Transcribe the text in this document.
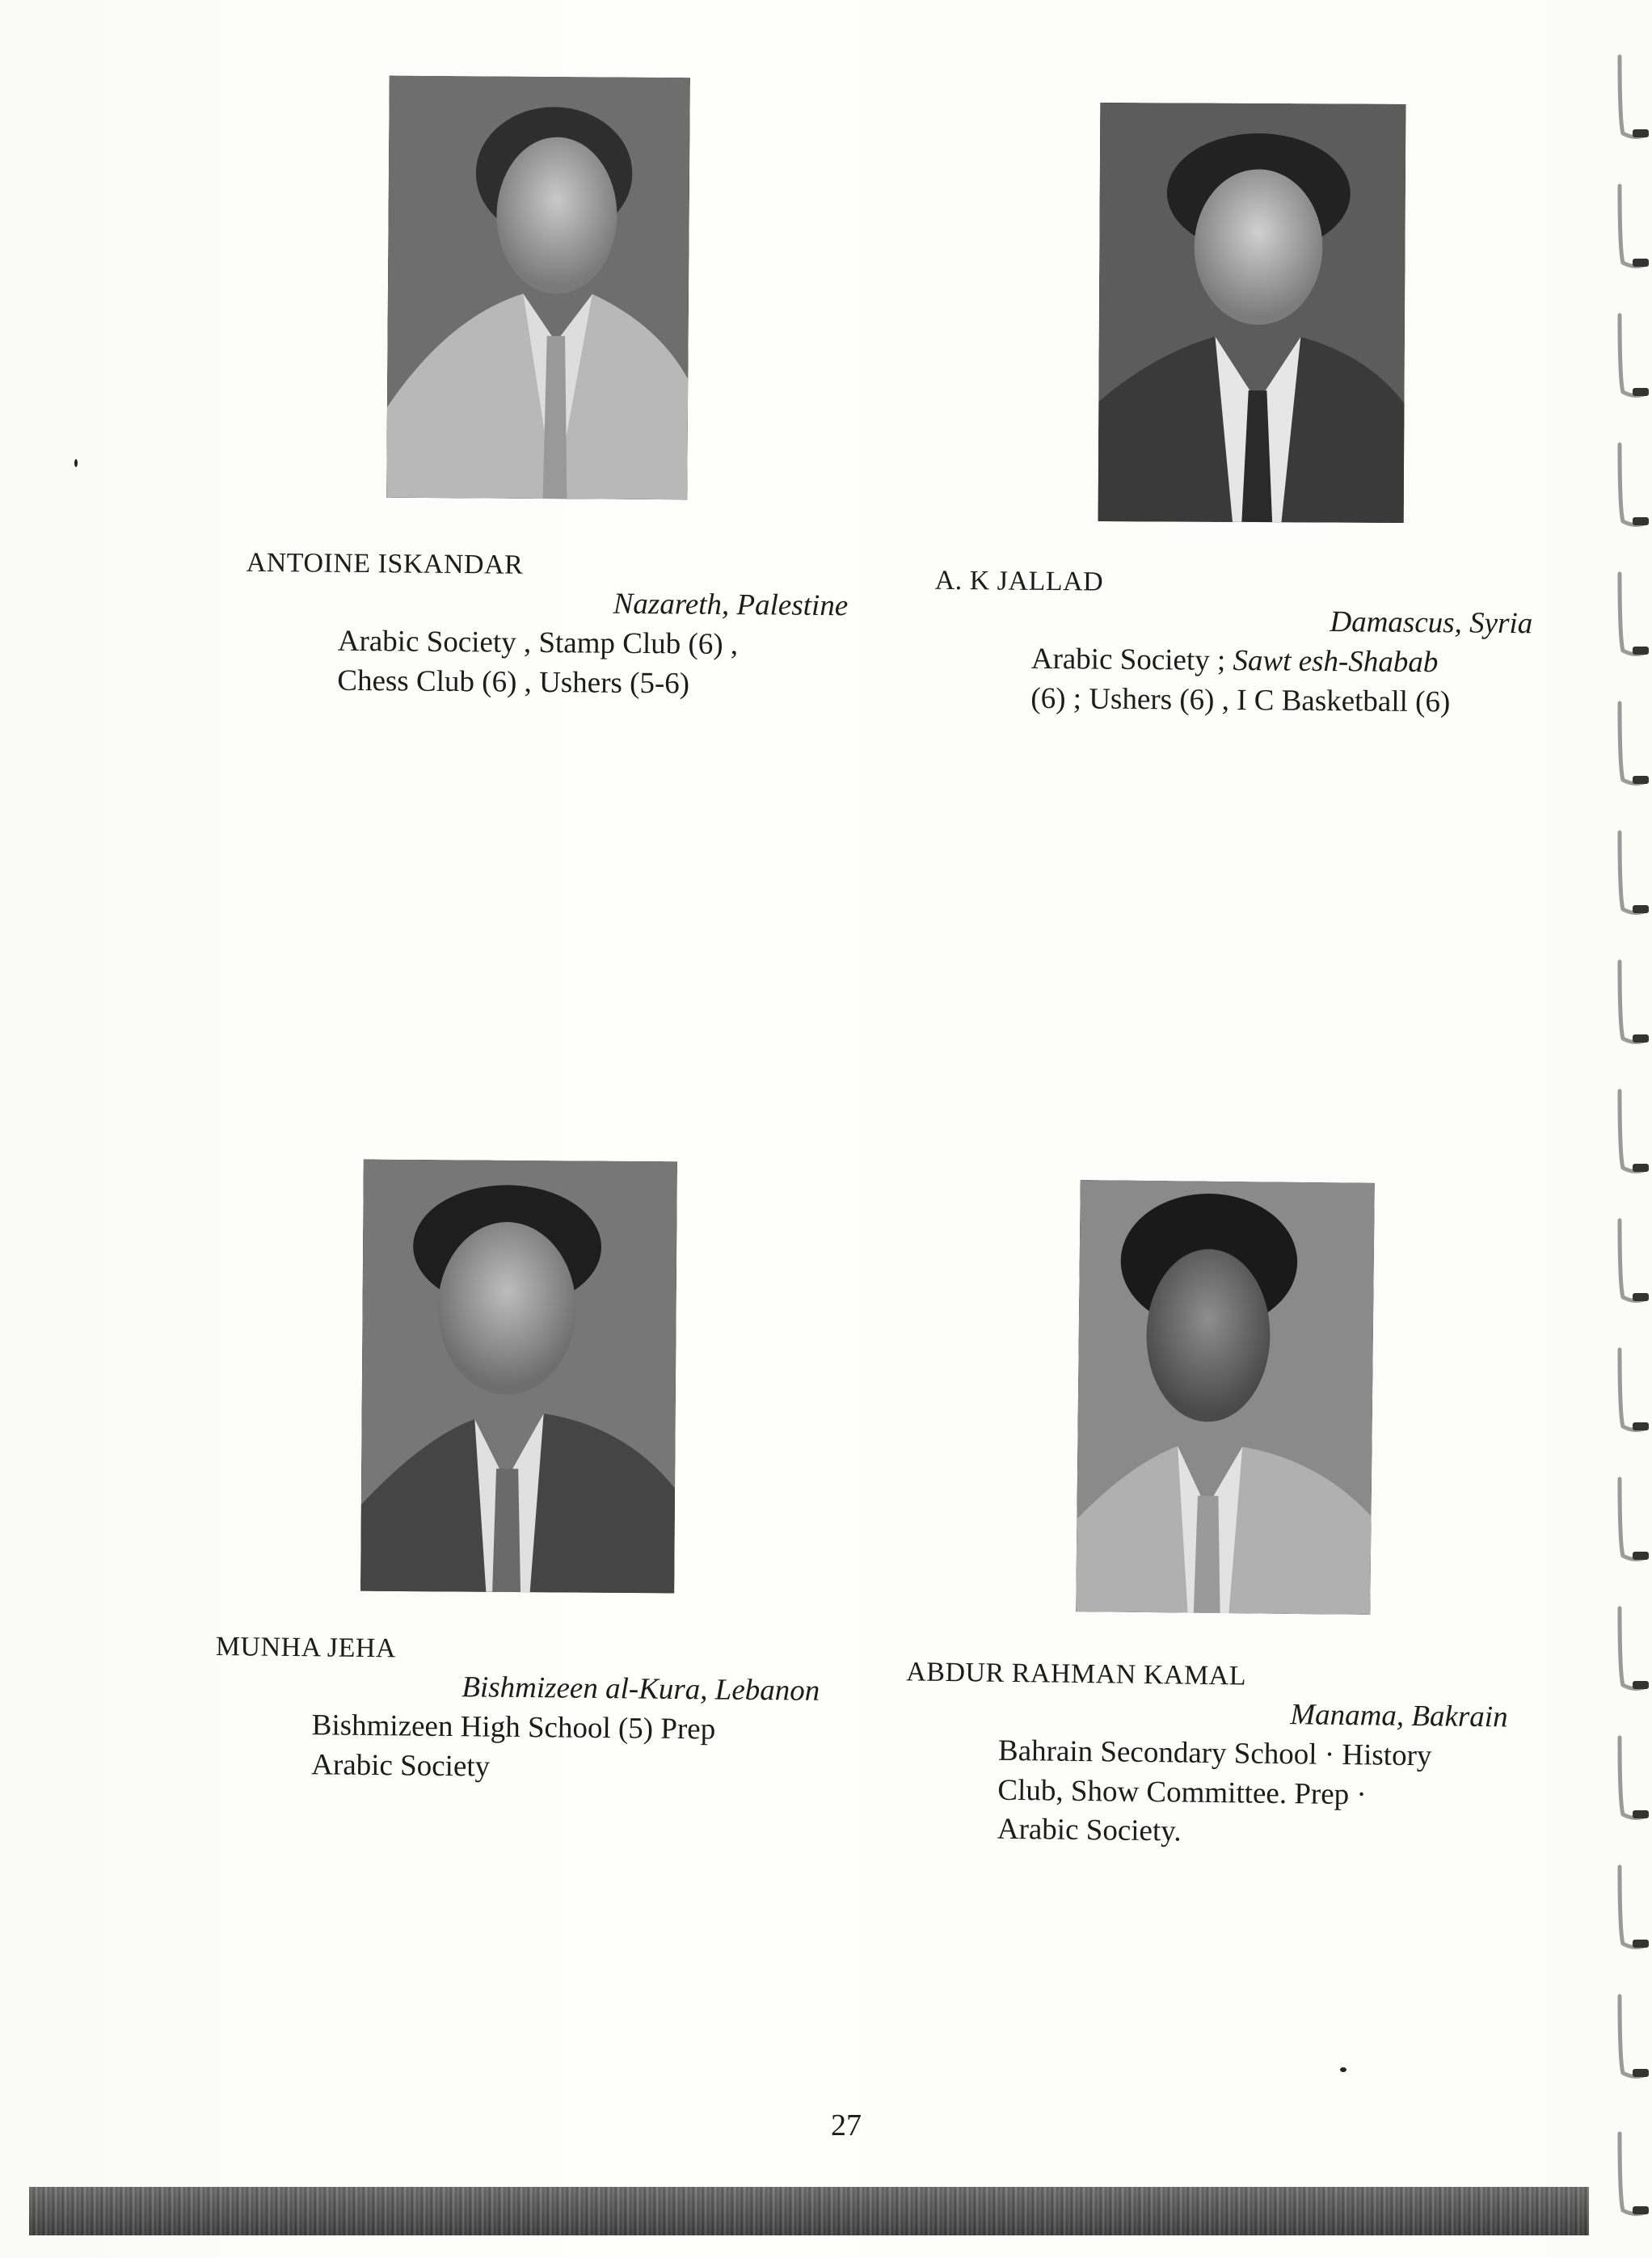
ANTOINE ISKANDAR
Nazareth, Palestine
Arabic Society , Stamp Club (6) ,
Chess Club (6) , Ushers (5-6)
A. K JALLAD
Damascus, Syria
Arabic Society ; Sawt esh-Shabab
(6) ; Ushers (6) , I C Basketball (6)
MUNHA JEHA
Bishmizeen al-Kura, Lebanon
Bishmizeen High School (5) Prep
Arabic Society
ABDUR RAHMAN KAMAL
Manama, Bakrain
Bahrain Secondary School · History
Club, Show Committee. Prep ·
Arabic Society.
27
